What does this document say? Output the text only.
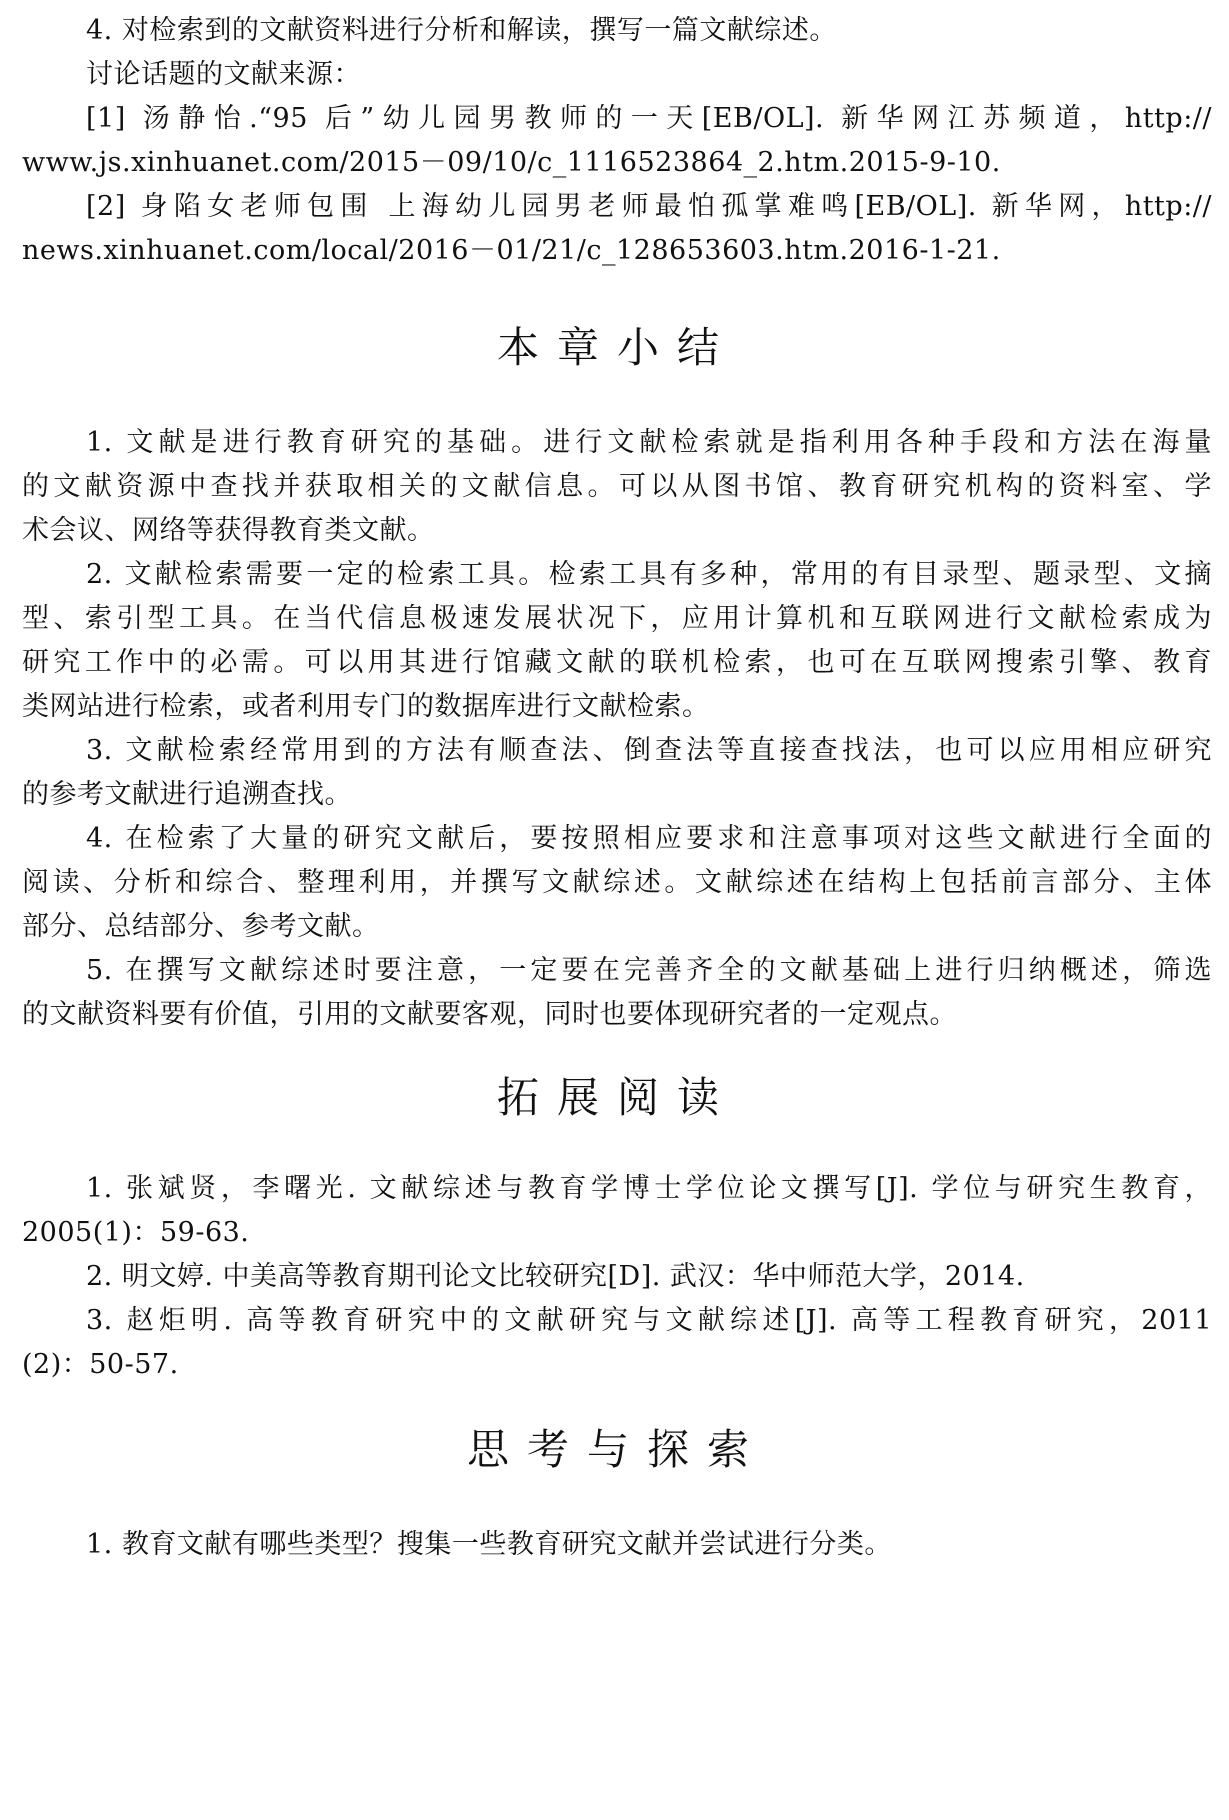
4. 对检索到的文献资料进行分析和解读，撰写一篇文献综述。
讨论话题的文献来源：
[1] 汤静怡.“95 后”幼儿园男教师的一天[EB/OL]. 新华网江苏频道，http://
www.js.xinhuanet.com/2015－09/10/c_1116523864_2.htm.2015-9-10.
[2] 身陷女老师包围 上海幼儿园男老师最怕孤掌难鸣[EB/OL]. 新华网，http://
news.xinhuanet.com/local/2016－01/21/c_128653603.htm.2016-1-21.
本章小结
1. 文献是进行教育研究的基础。进行文献检索就是指利用各种手段和方法在海量
的文献资源中查找并获取相关的文献信息。可以从图书馆、教育研究机构的资料室、学
术会议、网络等获得教育类文献。
2. 文献检索需要一定的检索工具。检索工具有多种，常用的有目录型、题录型、文摘
型、索引型工具。在当代信息极速发展状况下，应用计算机和互联网进行文献检索成为
研究工作中的必需。可以用其进行馆藏文献的联机检索，也可在互联网搜索引擎、教育
类网站进行检索，或者利用专门的数据库进行文献检索。
3. 文献检索经常用到的方法有顺查法、倒查法等直接查找法，也可以应用相应研究
的参考文献进行追溯查找。
4. 在检索了大量的研究文献后，要按照相应要求和注意事项对这些文献进行全面的
阅读、分析和综合、整理利用，并撰写文献综述。文献综述在结构上包括前言部分、主体
部分、总结部分、参考文献。
5. 在撰写文献综述时要注意，一定要在完善齐全的文献基础上进行归纳概述，筛选
的文献资料要有价值，引用的文献要客观，同时也要体现研究者的一定观点。
拓展阅读
1. 张斌贤，李曙光. 文献综述与教育学博士学位论文撰写[J]. 学位与研究生教育，
2005(1)：59-63.
2. 明文婷. 中美高等教育期刊论文比较研究[D]. 武汉：华中师范大学，2014.
3. 赵炬明. 高等教育研究中的文献研究与文献综述[J]. 高等工程教育研究，2011
(2)：50-57.
思考与探索
1. 教育文献有哪些类型？搜集一些教育研究文献并尝试进行分类。
